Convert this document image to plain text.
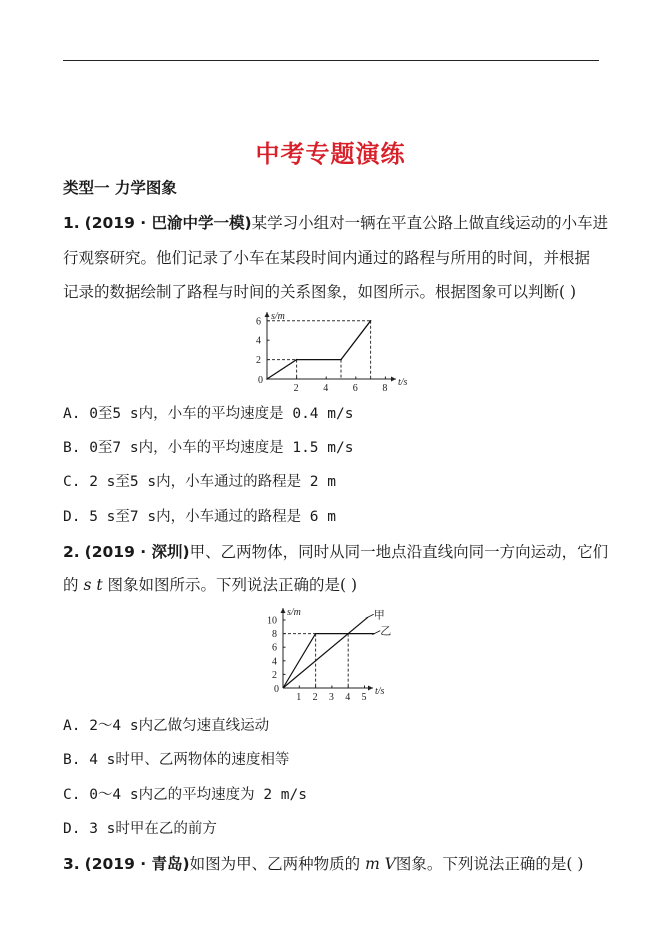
中考专题演练
类型一 力学图象
1. (2019 · 巴渝中学一模)某学习小组对一辆在平直公路上做直线运动的小车进
行观察研究。他们记录了小车在某段时间内通过的路程与所用的时间，并根据
记录的数据绘制了路程与时间的关系图象，如图所示。根据图象可以判断( )
s/m
t/s
0
2 4 6 8
2
4
6
A. 0至5 s内，小车的平均速度是 0.4 m/s
B. 0至7 s内，小车的平均速度是 1.5 m/s
C. 2 s至5 s内，小车通过的路程是 2 m
D. 5 s至7 s内，小车通过的路程是 6 m
2. (2019 · 深圳)甲、乙两物体，同时从同一地点沿直线向同一方向运动，它们
的 s t 图象如图所示。下列说法正确的是( )
s/m
t/s
0
1 2 3 4 5
2
4
6
8
10	甲
乙
A. 2～4 s内乙做匀速直线运动
B. 4 s时甲、乙两物体的速度相等
C. 0～4 s内乙的平均速度为 2 m/s
D. 3 s时甲在乙的前方
3. (2019 · 青岛)如图为甲、乙两种物质的 m V图象。下列说法正确的是( )
